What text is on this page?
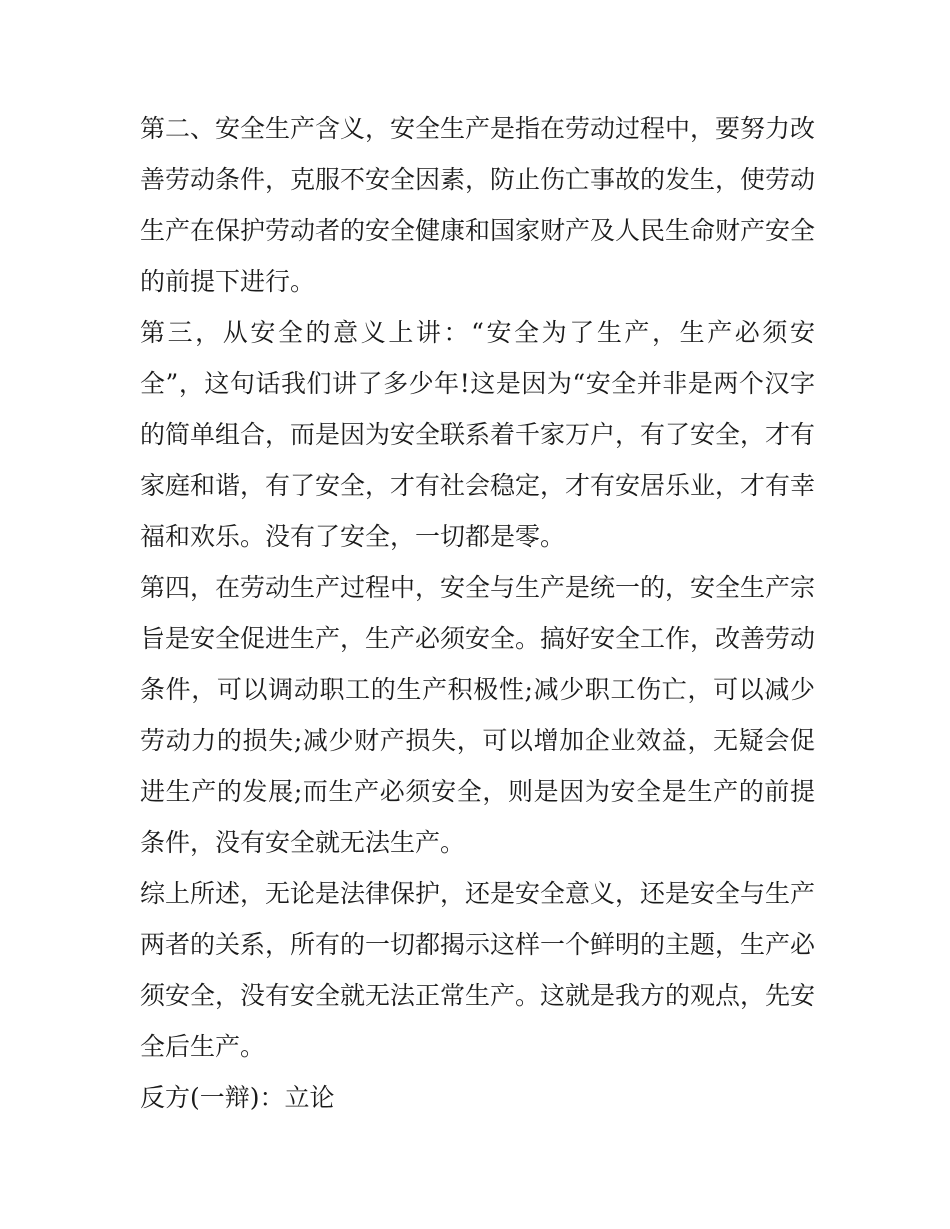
第二、安全生产含义，安全生产是指在劳动过程中，要努力改善劳动条件，克服不安全因素，防止伤亡事故的发生，使劳动生产在保护劳动者的安全健康和国家财产及人民生命财产安全的前提下进行。

第三，从安全的意义上讲：“安全为了生产，生产必须安全”，这句话我们讲了多少年!这是因为“安全并非是两个汉字的简单组合，而是因为安全联系着千家万户，有了安全，才有家庭和谐，有了安全，才有社会稳定，才有安居乐业，才有幸福和欢乐。没有了安全，一切都是零。

第四，在劳动生产过程中，安全与生产是统一的，安全生产宗旨是安全促进生产，生产必须安全。搞好安全工作，改善劳动条件，可以调动职工的生产积极性;减少职工伤亡，可以减少劳动力的损失;减少财产损失，可以增加企业效益，无疑会促进生产的发展;而生产必须安全，则是因为安全是生产的前提条件，没有安全就无法生产。

综上所述，无论是法律保护，还是安全意义，还是安全与生产两者的关系，所有的一切都揭示这样一个鲜明的主题，生产必须安全，没有安全就无法正常生产。这就是我方的观点，先安全后生产。

反方(一辩)：立论
